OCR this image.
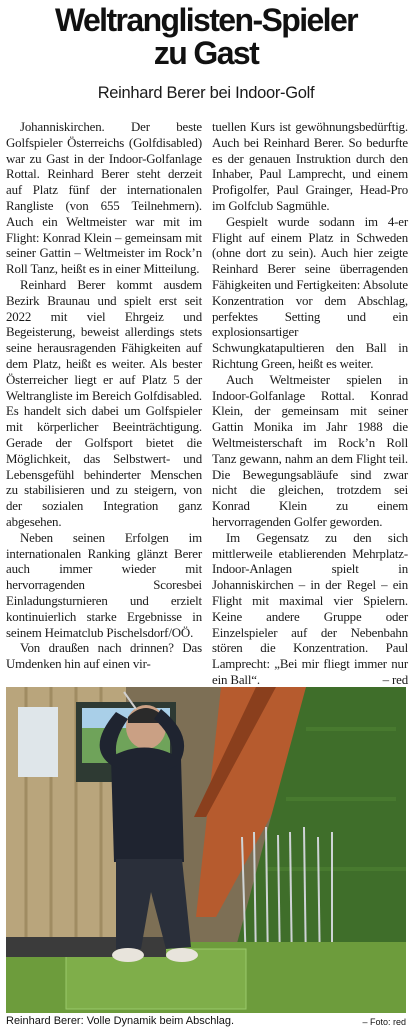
Weltranglisten-Spieler
zu Gast
Reinhard Berer bei Indoor-Golf

Johanniskirchen. Der beste Golfspieler Österreichs (Golfdisabled) war zu Gast in der Indoor-Golfanlage Rottal. Reinhard Berer steht derzeit auf Platz fünf der internationalen Rangliste (von 655 Teilnehmern). Auch ein Weltmeister war mit im Flight: Konrad Klein – gemeinsam mit seiner Gattin – Weltmeister im Rock’n Roll Tanz, heißt es in einer Mitteilung.

Reinhard Berer kommt ausdem Bezirk Braunau und spielt erst seit 2022 mit viel Ehrgeiz und Begeisterung, beweist allerdings stets seine herausragenden Fähigkeiten auf dem Platz, heißt es weiter. Als bester Österreicher liegt er auf Platz 5 der Weltrangliste im Bereich Golfdisabled. Es handelt sich dabei um Golfspieler mit körperlicher Beeinträchtigung. Gerade der Golfsport bietet die Möglichkeit, das Selbstwert- und Lebensgefühl behinderter Menschen zu stabilisieren und zu steigern, von der sozialen Integration ganz abgesehen.

Neben seinen Erfolgen im internationalen Ranking glänzt Berer auch immer wieder mit hervorragenden Scoresbei Einladungsturnieren und erzielt kontinuierlich starke Ergebnisse in seinem Heimatclub Pischelsdorf/OÖ.

Von draußen nach drinnen? Das Umdenken hin auf einen vir-

tuellen Kurs ist gewöhnungsbedürftig. Auch bei Reinhard Berer. So bedurfte es der genauen Instruktion durch den Inhaber, Paul Lamprecht, und einem Profigolfer, Paul Grainger, Head-Pro im Golfclub Sagmühle.

Gespielt wurde sodann im 4-er Flight auf einem Platz in Schweden (ohne dort zu sein). Auch hier zeigte Reinhard Berer seine überragenden Fähigkeiten und Fertigkeiten: Absolute Konzentration vor dem Abschlag, perfektes Setting und ein explosionsartiger Schwungkatapultieren den Ball in Richtung Green, heißt es weiter.

Auch Weltmeister spielen in Indoor-Golfanlage Rottal. Konrad Klein, der gemeinsam mit seiner Gattin Monika im Jahr 1988 die Weltmeisterschaft im Rock’n Roll Tanz gewann, nahm an dem Flight teil. Die Bewegungsabläufe sind zwar nicht die gleichen, trotzdem sei Konrad Klein zu einem hervorragenden Golfer geworden.

Im Gegensatz zu den sich mittlerweile etablierenden Mehrplatz-Indoor-Anlagen spielt in Johanniskirchen – in der Regel – ein Flight mit maximal vier Spielern. Keine andere Gruppe oder Einzelspieler auf der Nebenbahn stören die Konzentration. Paul Lamprecht: „Bei mir fliegt immer nur ein Ball“.	– red

Reinhard Berer: Volle Dynamik beim Abschlag.	– Foto: red
